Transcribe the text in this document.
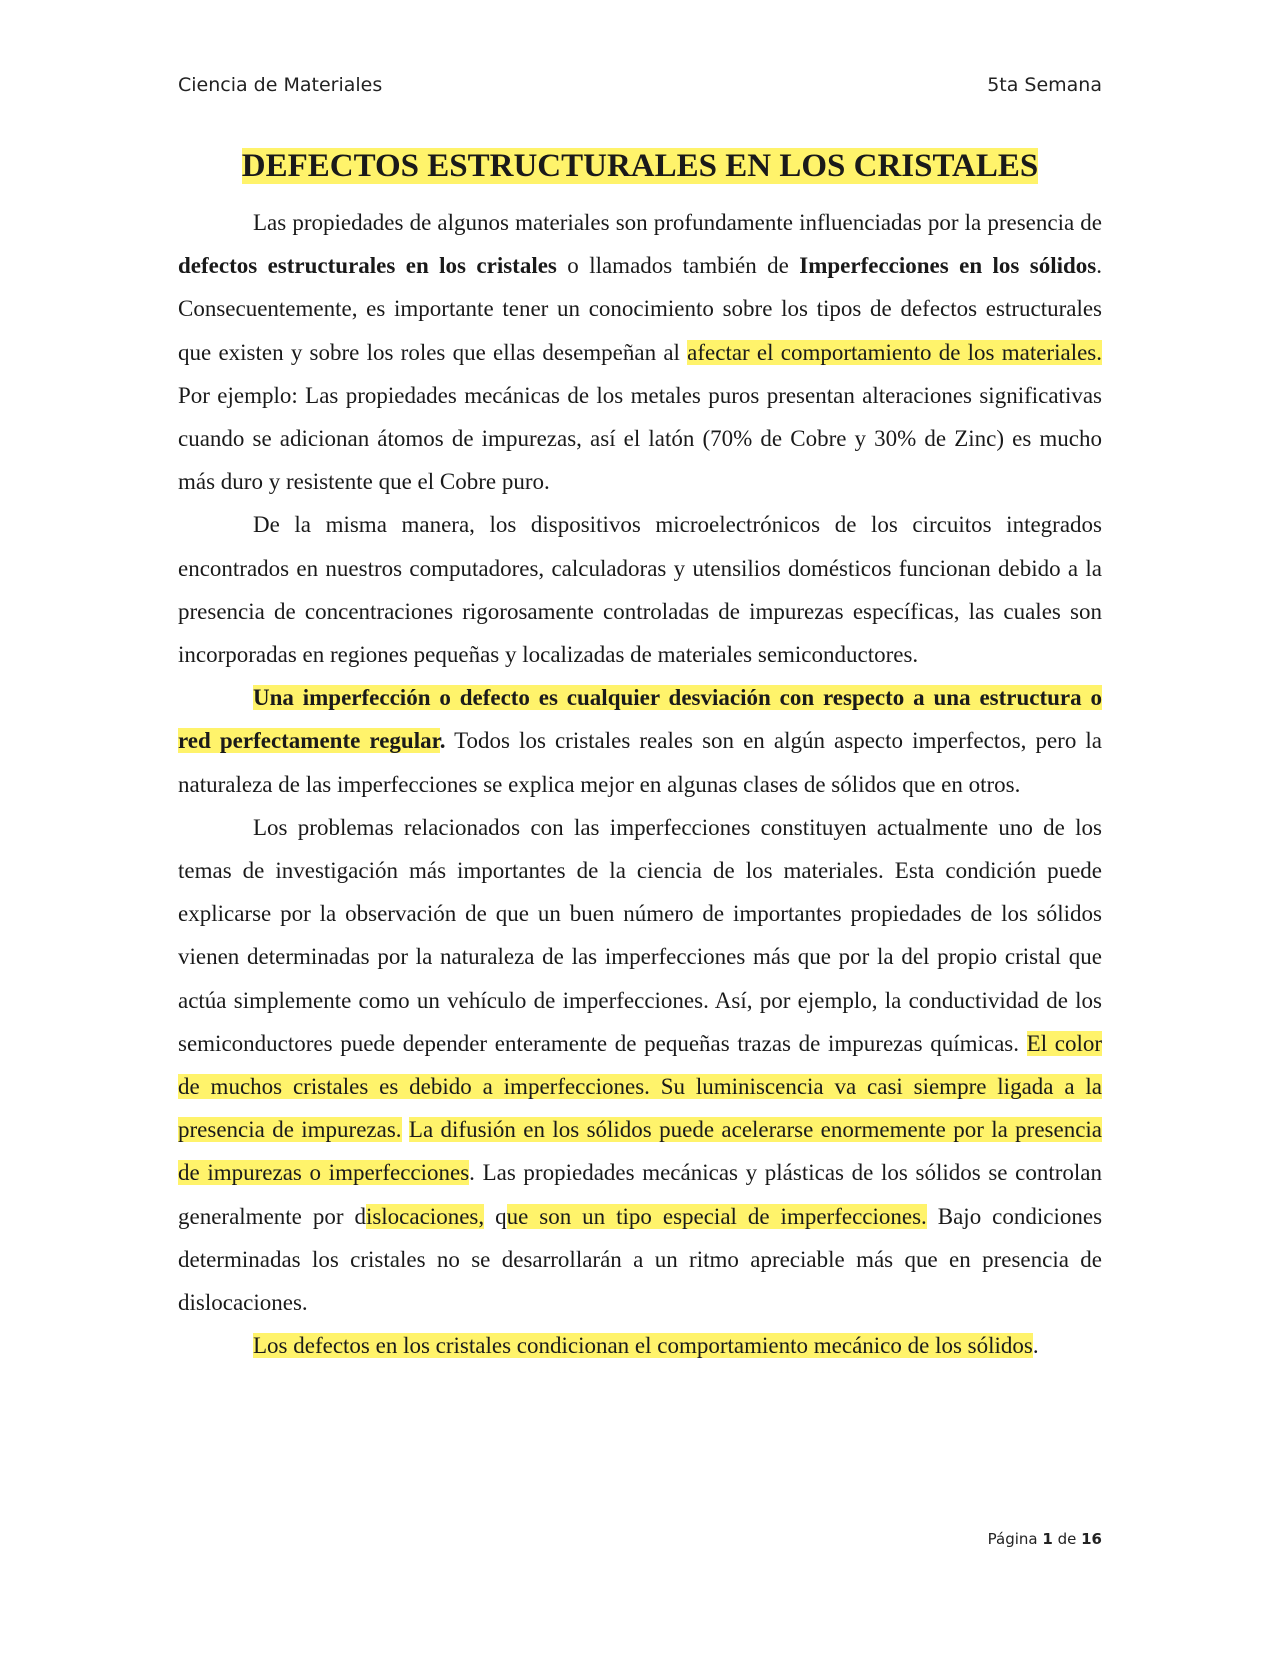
Ciencia de Materiales	5ta Semana
DEFECTOS ESTRUCTURALES EN LOS CRISTALES

Las propiedades de algunos materiales son profundamente influenciadas por la presencia de defectos estructurales en los cristales o llamados también de Imperfecciones en los sólidos. Consecuentemente, es importante tener un conocimiento sobre los tipos de defectos estructurales que existen y sobre los roles que ellas desempeñan al afectar el comportamiento de los materiales. Por ejemplo: Las propiedades mecánicas de los metales puros presentan alteraciones significativas cuando se adicionan átomos de impurezas, así el latón (70% de Cobre y 30% de Zinc) es mucho más duro y resistente que el Cobre puro.

De la misma manera, los dispositivos microelectrónicos de los circuitos integrados encontrados en nuestros computadores, calculadoras y utensilios domésticos funcionan debido a la presencia de concentraciones rigorosamente controladas de impurezas específicas, las cuales son incorporadas en regiones pequeñas y localizadas de materiales semiconductores.

Una imperfección o defecto es cualquier desviación con respecto a una estructura o red perfectamente regular. Todos los cristales reales son en algún aspecto imperfectos, pero la naturaleza de las imperfecciones se explica mejor en algunas clases de sólidos que en otros.

Los problemas relacionados con las imperfecciones constituyen actualmente uno de los temas de investigación más importantes de la ciencia de los materiales. Esta condición puede explicarse por la observación de que un buen número de importantes propiedades de los sólidos vienen determinadas por la naturaleza de las imperfecciones más que por la del propio cristal que actúa simplemente como un vehículo de imperfecciones. Así, por ejemplo, la conductividad de los semiconductores puede depender enteramente de pequeñas trazas de impurezas químicas. El color de muchos cristales es debido a imperfecciones. Su luminiscencia va casi siempre ligada a la presencia de impurezas. La difusión en los sólidos puede acelerarse enormemente por la presencia de impurezas o imperfecciones. Las propiedades mecánicas y plásticas de los sólidos se controlan generalmente por dislocaciones, que son un tipo especial de imperfecciones. Bajo condiciones determinadas los cristales no se desarrollarán a un ritmo apreciable más que en presencia de dislocaciones.

Los defectos en los cristales condicionan el comportamiento mecánico de los sólidos.

Página 1 de 16
